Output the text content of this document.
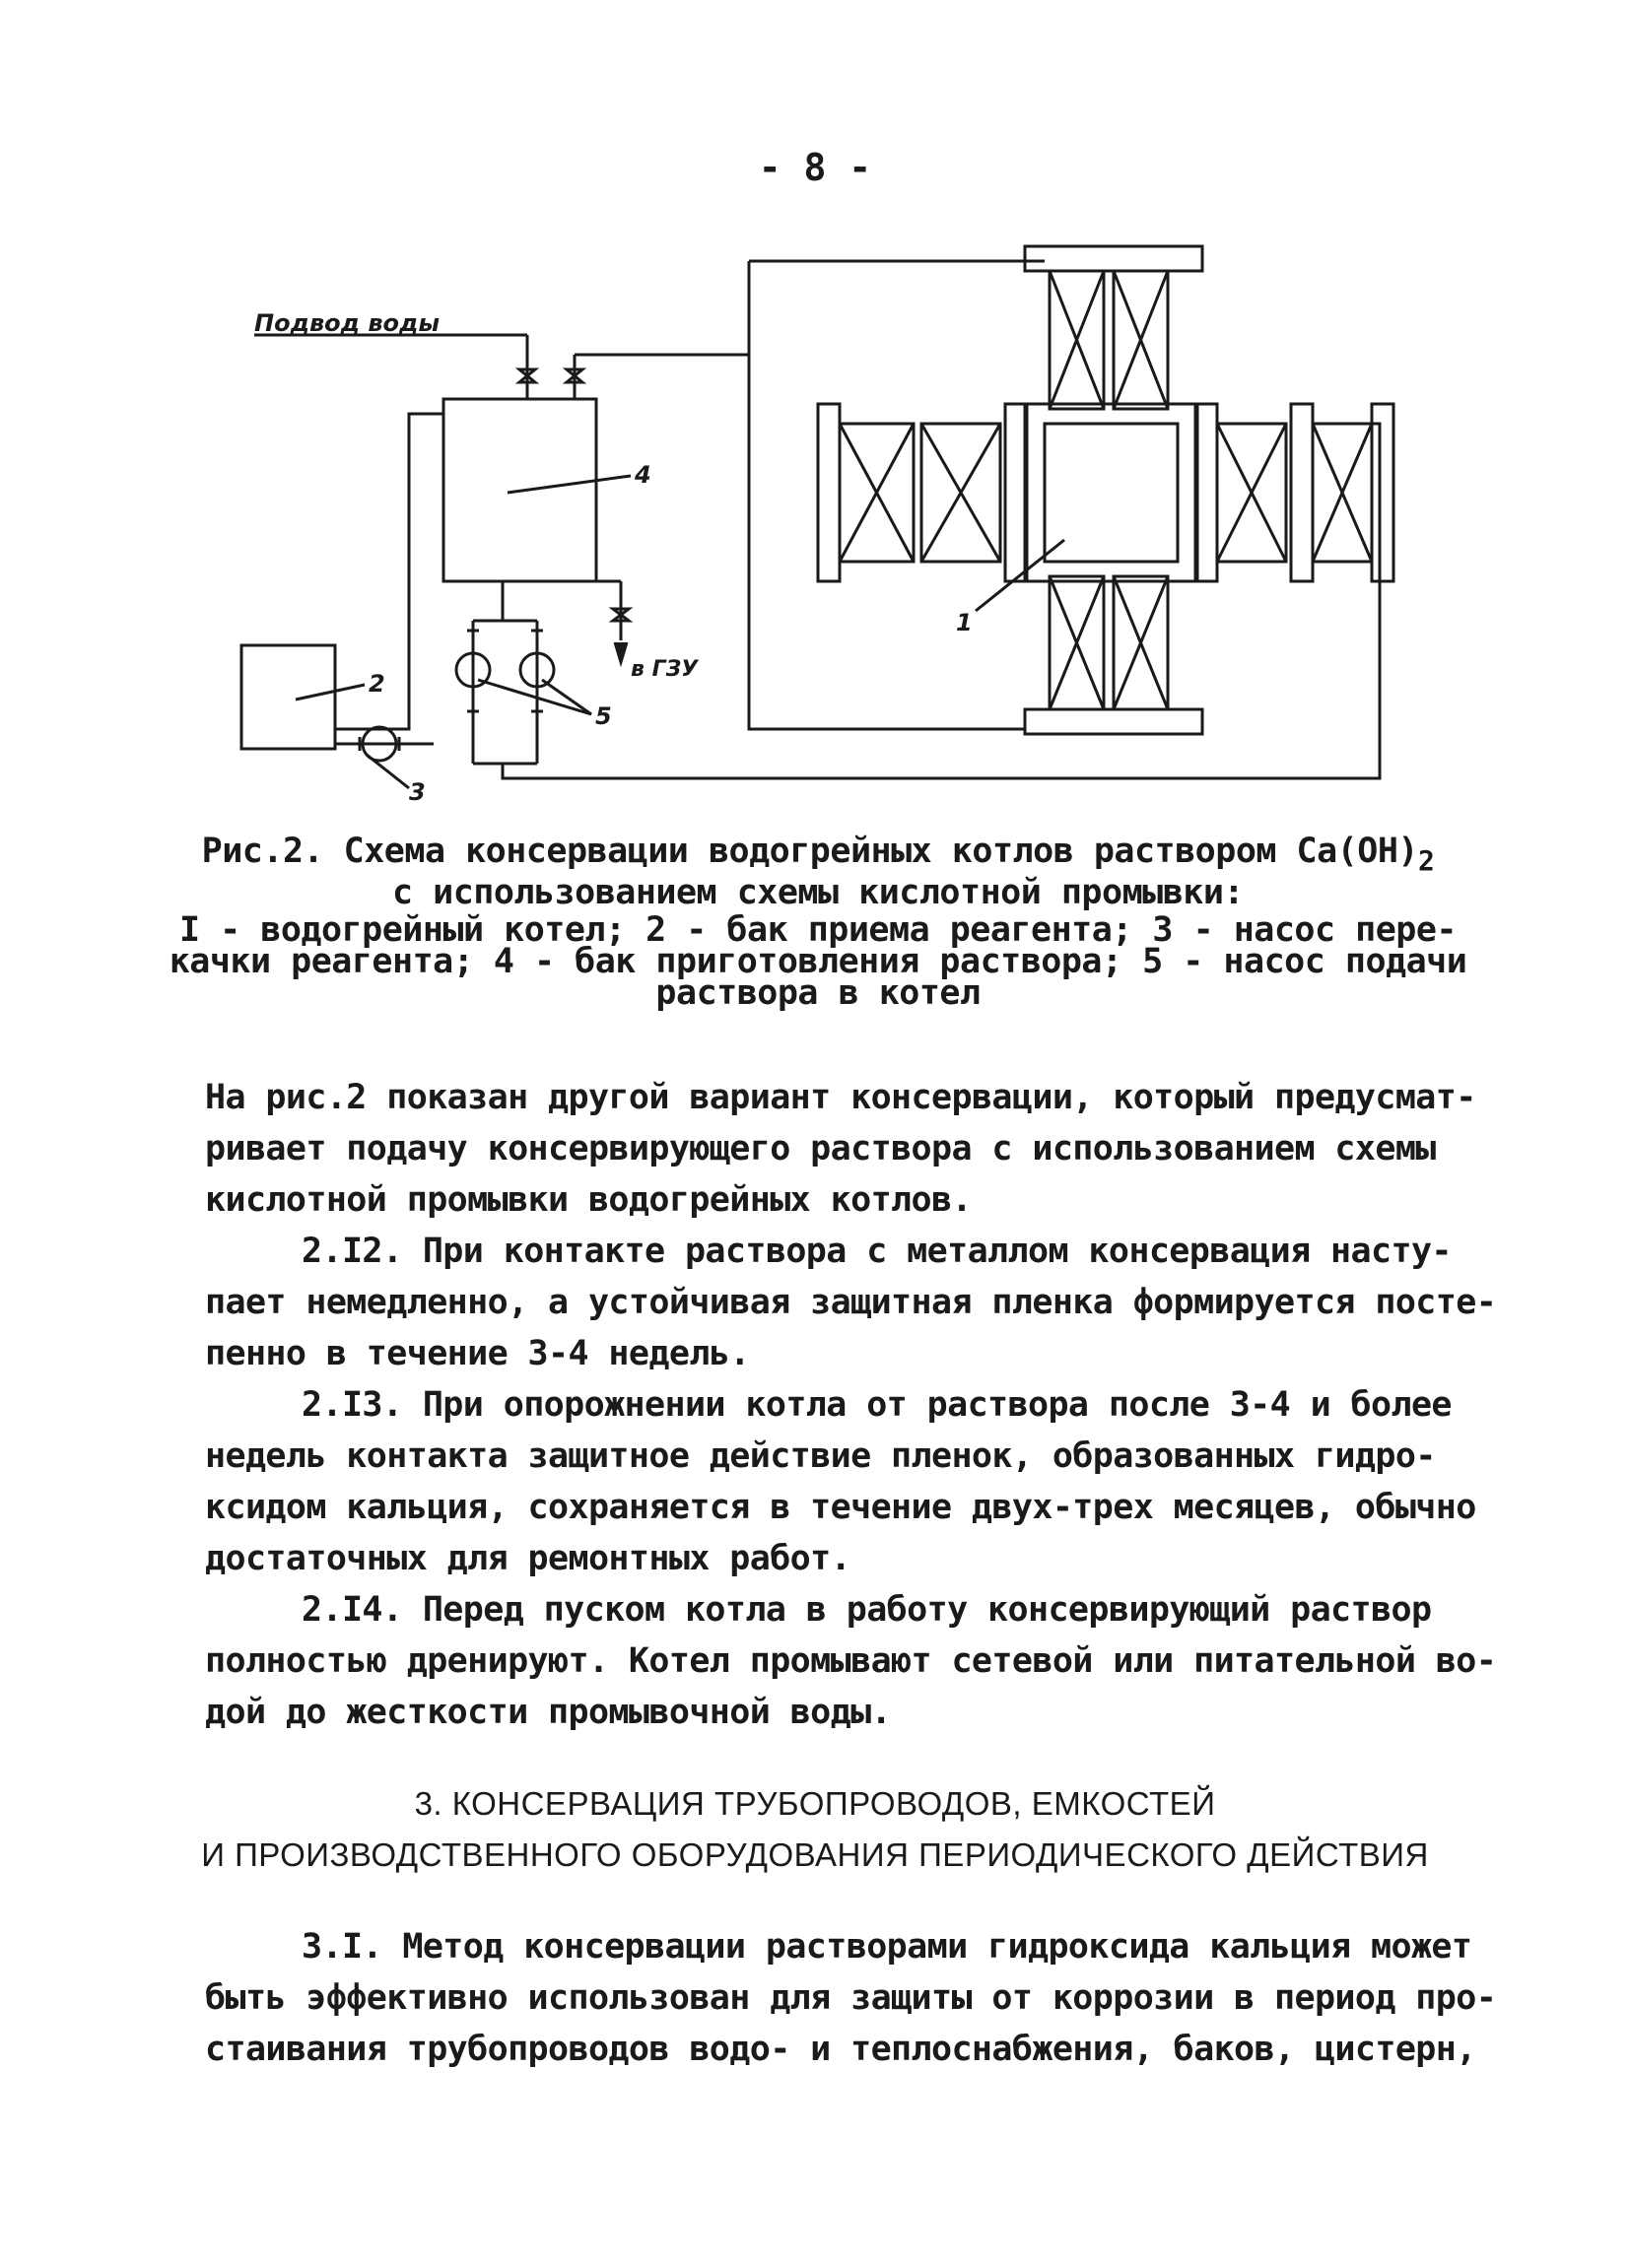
- 8 -
Подвод воды
4
в ГЗУ
5
2
3
1
Рис.2. Схема консервации водогрейных котлов раствором $Ca(OH)_2$
с использованием схемы кислотной промывки:
I - водогрейный котел; 2 - бак приема реагента; 3 - насос пере-
качки реагента; 4 - бак приготовления раствора; 5 - насос подачи
раствора в котел
На рис.2 показан другой вариант консервации, который предусмат-
ривает подачу консервирующего раствора с использованием схемы
кислотной промывки водогрейных котлов.
2.I2. При контакте раствора с металлом консервация насту-
пает немедленно, а устойчивая защитная пленка формируется посте-
пенно в течение 3-4 недель.
2.I3. При опорожнении котла от раствора после 3-4 и более
недель контакта защитное действие пленок, образованных гидро-
ксидом кальция, сохраняется в течение двух-трех месяцев, обычно
достаточных для ремонтных работ.
2.I4. Перед пуском котла в работу консервирующий раствор
полностью дренируют. Котел промывают сетевой или питательной во-
дой до жесткости промывочной воды.
3. КОНСЕРВАЦИЯ ТРУБОПРОВОДОВ, ЕМКОСТЕЙ
И ПРОИЗВОДСТВЕННОГО ОБОРУДОВАНИЯ ПЕРИОДИЧЕСКОГО ДЕЙСТВИЯ
3.I. Метод консервации растворами гидроксида кальция может
быть эффективно использован для защиты от коррозии в период про-
стаивания трубопроводов водо- и теплоснабжения, баков, цистерн,
